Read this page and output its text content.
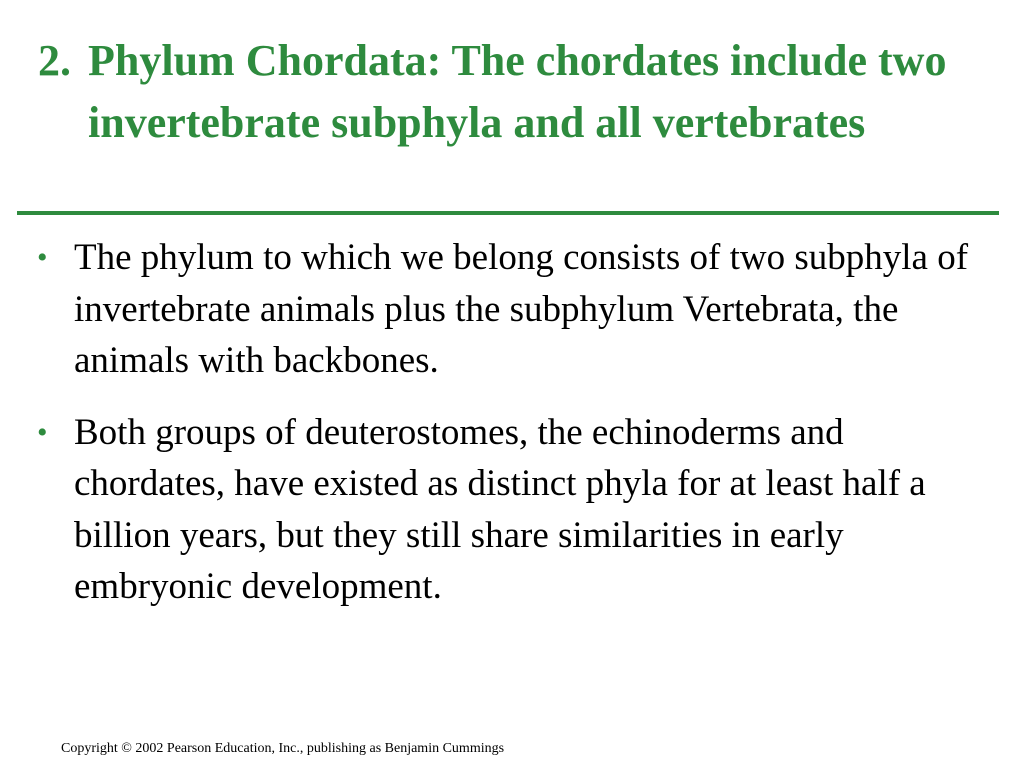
2. Phylum Chordata: The chordates include two invertebrate subphyla and all vertebrates
• The phylum to which we belong consists of two subphyla of invertebrate animals plus the subphylum Vertebrata, the animals with backbones.
• Both groups of deuterostomes, the echinoderms and chordates, have existed as distinct phyla for at least half a billion years, but they still share similarities in early embryonic development.
Copyright © 2002 Pearson Education, Inc., publishing as Benjamin Cummings
